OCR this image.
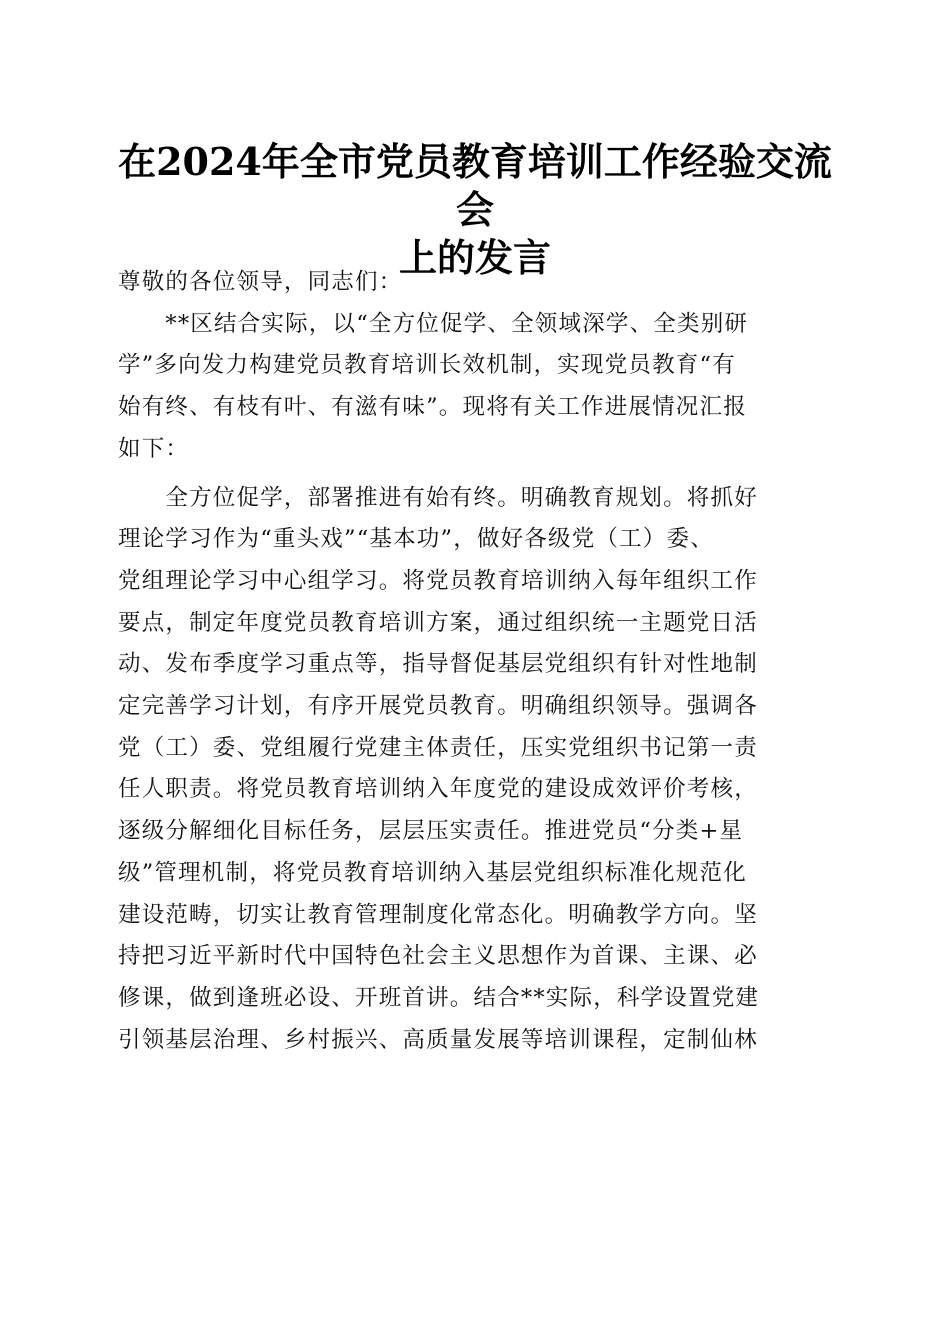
在2024年全市党员教育培训工作经验交流会
上的发言

尊敬的各位领导，同志们：

　　**区结合实际，以“全方位促学、全领域深学、全类别研
学”多向发力构建党员教育培训长效机制，实现党员教育“有
始有终、有枝有叶、有滋有味”。现将有关工作进展情况汇报
如下：

　　全方位促学，部署推进有始有终。明确教育规划。将抓好
理论学习作为“重头戏”“基本功”，做好各级党（工）委、
党组理论学习中心组学习。将党员教育培训纳入每年组织工作
要点，制定年度党员教育培训方案，通过组织统一主题党日活
动、发布季度学习重点等，指导督促基层党组织有针对性地制
定完善学习计划，有序开展党员教育。明确组织领导。强调各
党（工）委、党组履行党建主体责任，压实党组织书记第一责
任人职责。将党员教育培训纳入年度党的建设成效评价考核，
逐级分解细化目标任务，层层压实责任。推进党员“分类+星
级”管理机制，将党员教育培训纳入基层党组织标准化规范化
建设范畴，切实让教育管理制度化常态化。明确教学方向。坚
持把习近平新时代中国特色社会主义思想作为首课、主课、必
修课，做到逢班必设、开班首讲。结合**实际，科学设置党建
引领基层治理、乡村振兴、高质量发展等培训课程，定制仙林
